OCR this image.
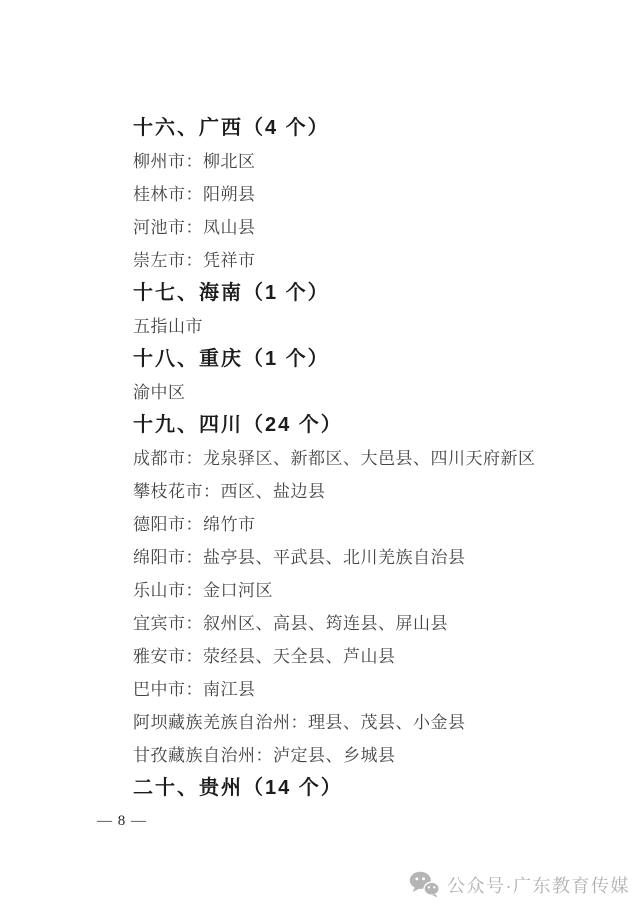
十六、广西（4 个）
柳州市：柳北区
桂林市：阳朔县
河池市：凤山县
崇左市：凭祥市
十七、海南（1 个）
五指山市
十八、重庆（1 个）
渝中区
十九、四川（24 个）
成都市：龙泉驿区、新都区、大邑县、四川天府新区
攀枝花市：西区、盐边县
德阳市：绵竹市
绵阳市：盐亭县、平武县、北川羌族自治县
乐山市：金口河区
宜宾市：叙州区、高县、筠连县、屏山县
雅安市：荥经县、天全县、芦山县
巴中市：南江县
阿坝藏族羌族自治州：理县、茂县、小金县
甘孜藏族自治州：泸定县、乡城县
二十、贵州（14 个）
— 8 —
公众号·广东教育传媒
